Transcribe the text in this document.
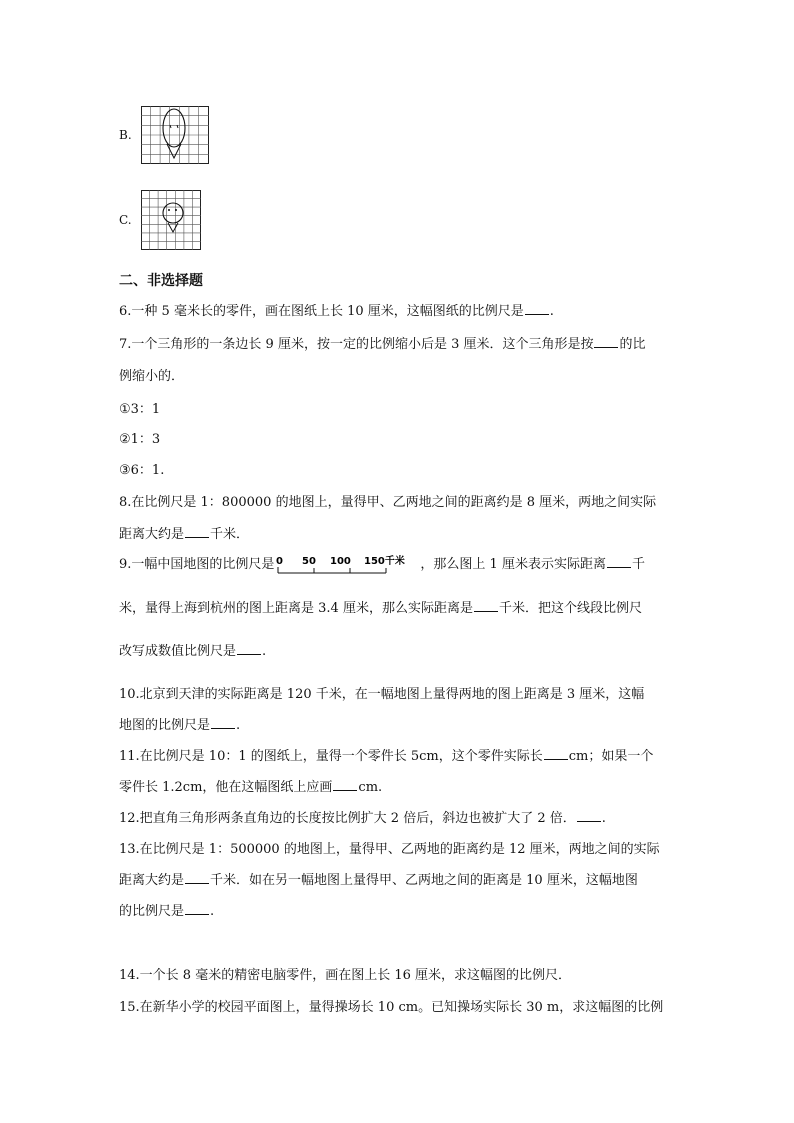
B.
C.
二、非选择题
6.一种 5 毫米长的零件，画在图纸上长 10 厘米，这幅图纸的比例尺是 .
7.一个三角形的一条边长 9 厘米，按一定的比例缩小后是 3 厘米．这个三角形是按 的比
例缩小的．
①3：1
②1：3
③6：1.
8.在比例尺是 1：800000 的地图上，量得甲、乙两地之间的距离约是 8 厘米，两地之间实际
距离大约是 千米．
9.一幅中国地图的比例尺是 0 50 100 150千米 ，那么图上 1 厘米表示实际距离 千
米，量得上海到杭州的图上距离是 3.4 厘米，那么实际距离是 千米．把这个线段比例尺
改写成数值比例尺是 .
10.北京到天津的实际距离是 120 千米，在一幅地图上量得两地的图上距离是 3 厘米，这幅
地图的比例尺是 .
11.在比例尺是 10：1 的图纸上，量得一个零件长 5cm，这个零件实际长 cm；如果一个
零件长 1.2cm，他在这幅图纸上应画 cm.
12.把直角三角形两条直角边的长度按比例扩大 2 倍后，斜边也被扩大了 2 倍． .
13.在比例尺是 1：500000 的地图上，量得甲、乙两地的距离约是 12 厘米，两地之间的实际
距离大约是 千米．如在另一幅地图上量得甲、乙两地之间的距离是 10 厘米，这幅地图
的比例尺是 .
14.一个长 8 毫米的精密电脑零件，画在图上长 16 厘米，求这幅图的比例尺．
15.在新华小学的校园平面图上，量得操场长 10 cm。已知操场实际长 30 m，求这幅图的比例
